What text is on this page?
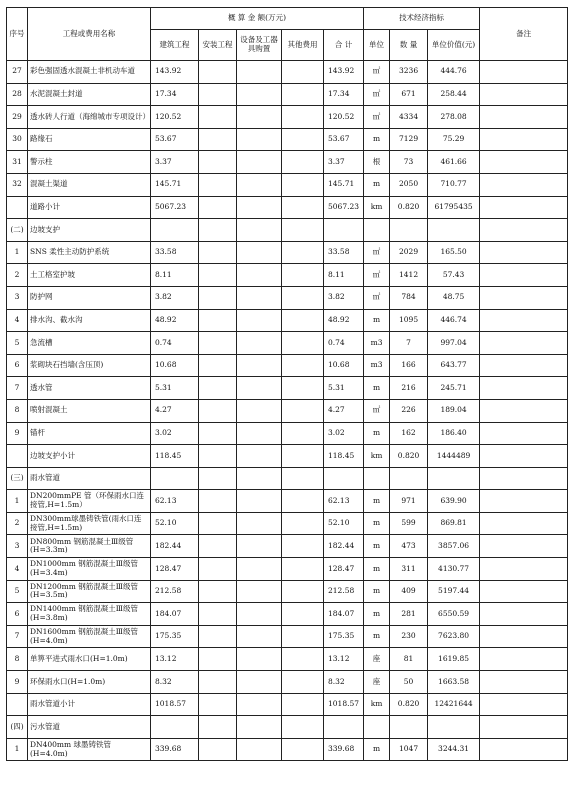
序号	工程或费用名称	概 算 金 额(万元)					技术经济指标			备注
		建筑工程	安装工程	设备及工器具购置	其他费用	合 计	单位	数 量	单位价值(元)	
27	彩色强固透水混凝土非机动车道	143.92				143.92	㎡	3236	444.76	
28	水泥混凝土封道	17.34				17.34	㎡	671	258.44	
29	透水砖人行道（海绵城市专项设计）	120.52				120.52	㎡	4334	278.08	
30	路缘石	53.67				53.67	m	7129	75.29	
31	警示柱	3.37				3.37	根	73	461.66	
32	混凝土渠道	145.71				145.71	m	2050	710.77	
	道路小计	5067.23				5067.23	km	0.820	61795435	
(二)	边坡支护									
1	SNS 柔性主动防护系统	33.58				33.58	㎡	2029	165.50	
2	土工格室护坡	8.11				8.11	㎡	1412	57.43	
3	防护网	3.82				3.82	㎡	784	48.75	
4	排水沟、截水沟	48.92				48.92	m	1095	446.74	
5	急流槽	0.74				0.74	m3	7	997.04	
6	浆砌块石挡墙(含压顶)	10.68				10.68	m3	166	643.77	
7	透水管	5.31				5.31	m	216	245.71	
8	喷射混凝土	4.27				4.27	㎡	226	189.04	
9	锚杆	3.02				3.02	m	162	186.40	
	边坡支护小计	118.45				118.45	km	0.820	1444489	
(三)	雨水管道									
1	DN200mmPE 管（环保雨水口连接管,H=1.5m）	62.13				62.13	m	971	639.90	
2	DN300mm球墨铸铁管(雨水口连接管,H=1.5m)	52.10				52.10	m	599	869.81	
3	DN800mm 钢筋混凝土Ⅲ级管(H=3.3m)	182.44				182.44	m	473	3857.06	
4	DN1000mm 钢筋混凝土Ⅲ级管(H=3.4m)	128.47				128.47	m	311	4130.77	
5	DN1200mm 钢筋混凝土Ⅲ级管(H=3.5m)	212.58				212.58	m	409	5197.44	
6	DN1400mm 钢筋混凝土Ⅲ级管(H=3.8m)	184.07				184.07	m	281	6550.59	
7	DN1600mm 钢筋混凝土Ⅲ级管(H=4.0m)	175.35				175.35	m	230	7623.80	
8	单箅平进式雨水口(H=1.0m)	13.12				13.12	座	81	1619.85	
9	环保雨水口(H=1.0m)	8.32				8.32	座	50	1663.58	
	雨水管道小计	1018.57				1018.57	km	0.820	12421644	
(四)	污水管道									
1	DN400mm 球墨铸铁管(H=4.0m)	339.68				339.68	m	1047	3244.31	
